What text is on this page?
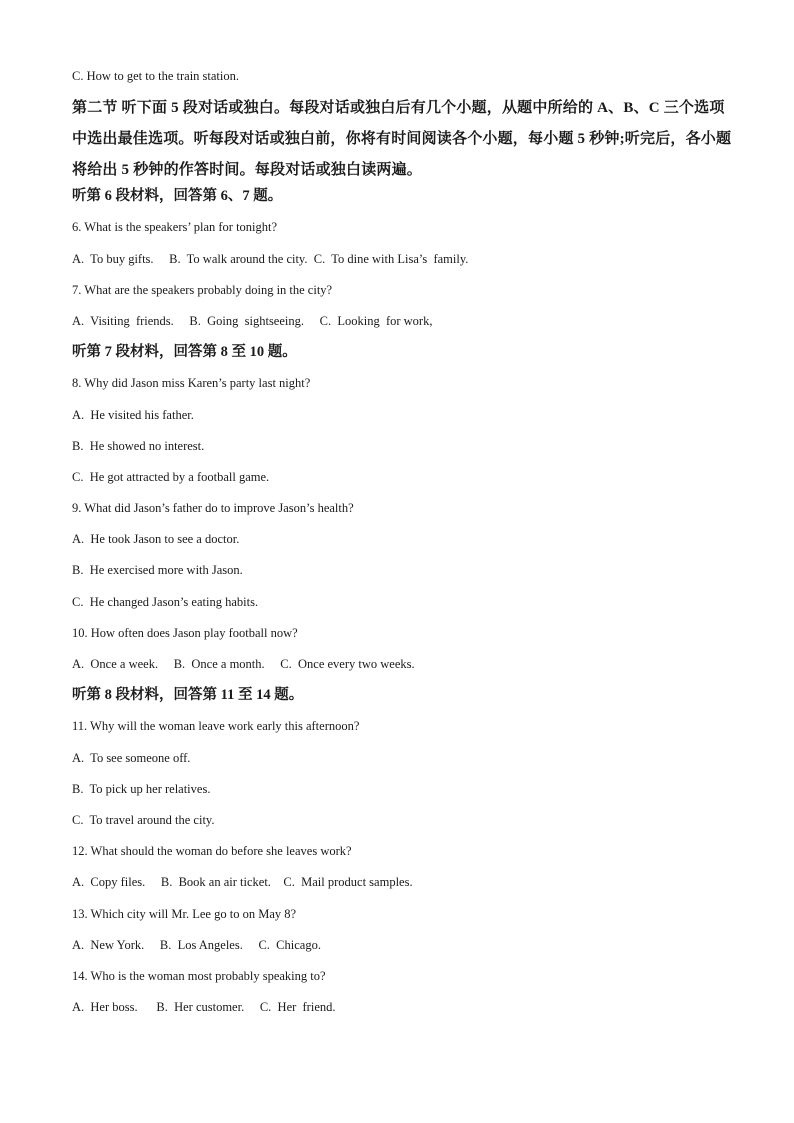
C. How to get to the train station.
第二节 听下面 5 段对话或独白。每段对话或独白后有几个小题，从题中所给的 A、B、C 三个选项中选出最佳选项。听每段对话或独白前，你将有时间阅读各个小题，每小题 5 秒钟;听完后，各小题将给出 5 秒钟的作答时间。每段对话或独白读两遍。
听第 6 段材料，回答第 6、7 题。
6. What is the speakers’ plan for tonight?
A.  To buy gifts.     B.  To walk around the city.  C.  To dine with Lisa’s  family.
7. What are the speakers probably doing in the city?
A.  Visiting  friends.     B.  Going  sightseeing.     C.  Looking  for work,
听第 7 段材料，回答第 8 至 10 题。
8. Why did Jason miss Karen’s party last night?
A.  He visited his father.
B.  He showed no interest.
C.  He got attracted by a football game.
9. What did Jason’s father do to improve Jason’s health?
A.  He took Jason to see a doctor.
B.  He exercised more with Jason.
C.  He changed Jason’s eating habits.
10. How often does Jason play football now?
A.  Once a week.     B.  Once a month.     C.  Once every two weeks.
听第 8 段材料，回答第 11 至 14 题。
11. Why will the woman leave work early this afternoon?
A.  To see someone off.
B.  To pick up her relatives.
C.  To travel around the city.
12. What should the woman do before she leaves work?
A.  Copy files.     B.  Book an air ticket.    C.  Mail product samples.
13. Which city will Mr. Lee go to on May 8?
A.  New York.     B.  Los Angeles.     C.  Chicago.
14. Who is the woman most probably speaking to?
A.  Her boss.      B.  Her customer.     C.  Her  friend.
